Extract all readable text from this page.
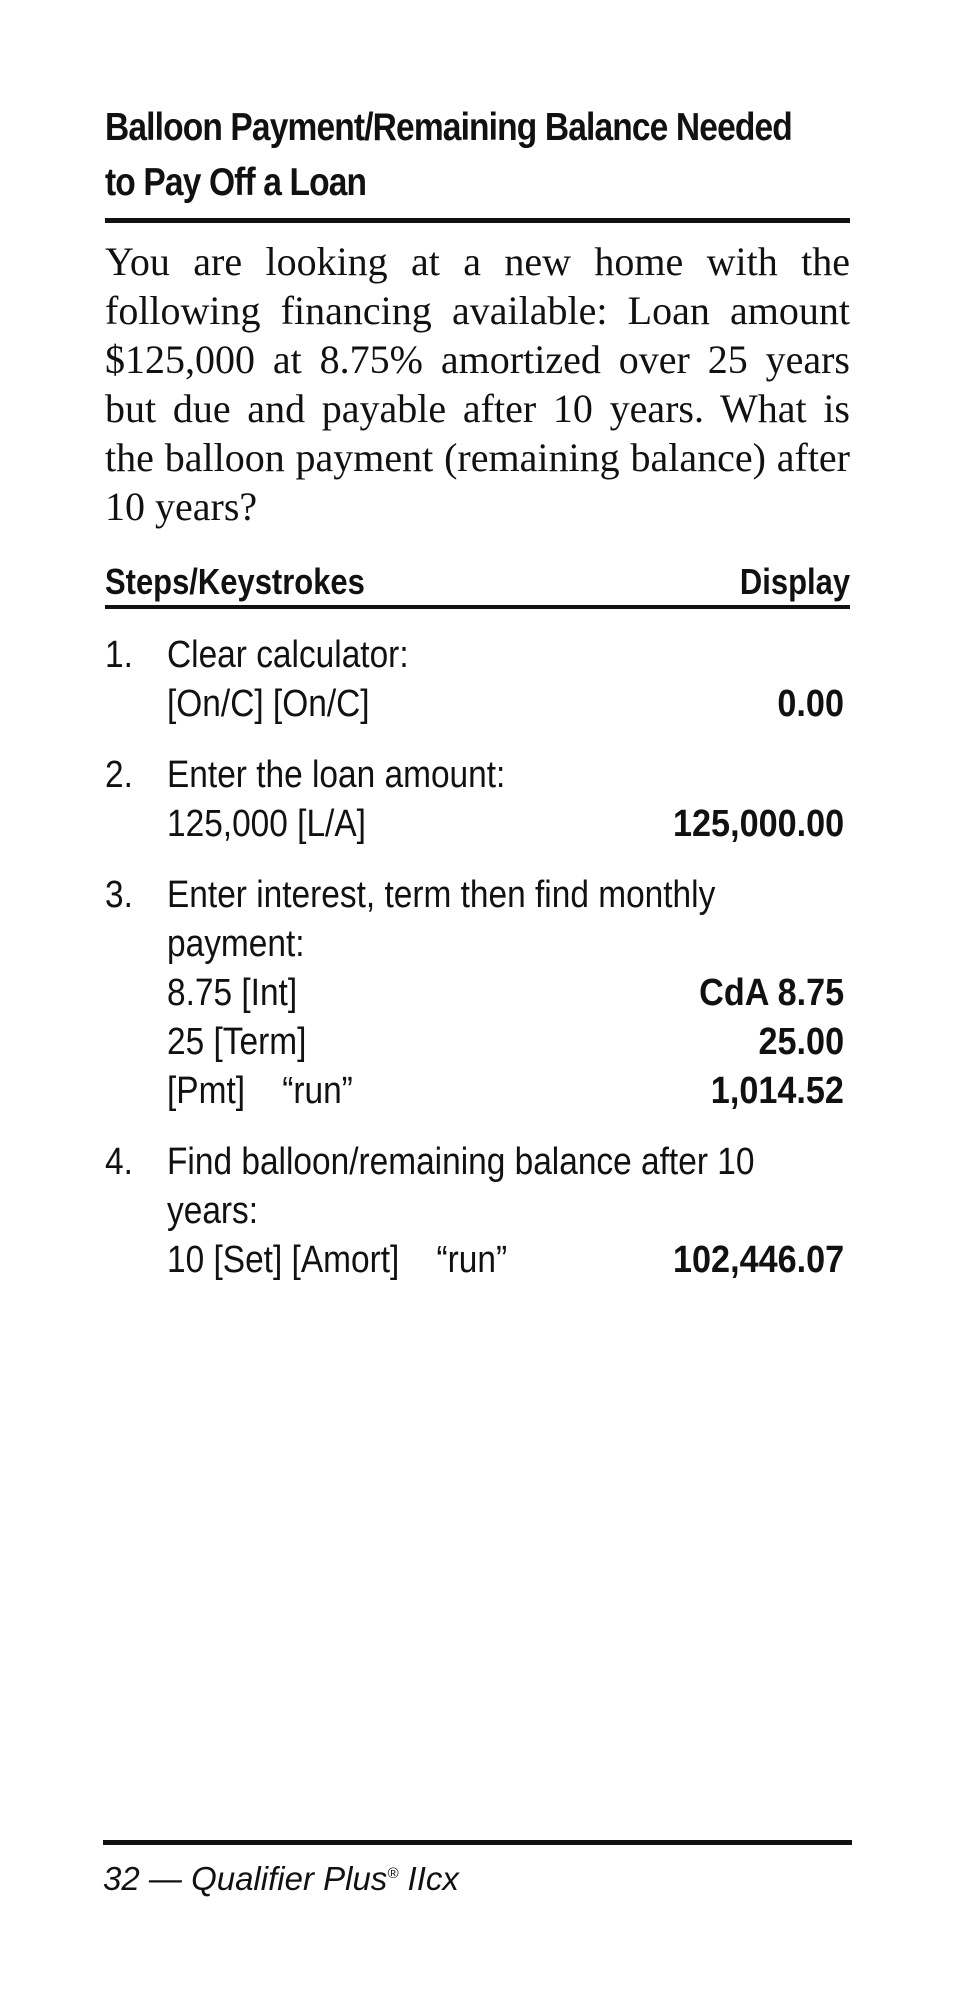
Balloon Payment/Remaining Balance Needed
to Pay Off a Loan
You are looking at a new home with the following financing available: Loan amount $125,000 at 8.75% amortized over 25 years but due and payable after 10 years. What is the balloon payment (remaining balance) after 10 years?
Steps/Keystrokes	Display
1. Clear calculator:
[On/C] [On/C]	0.00
2. Enter the loan amount:
125,000 [L/A]	125,000.00
3. Enter interest, term then find monthly payment:
8.75 [Int]	CdA 8.75
25 [Term]	25.00
[Pmt]    “run”	1,014.52
4. Find balloon/remaining balance after 10 years:
10 [Set] [Amort]    “run”	102,446.07
32 — Qualifier Plus® IIcx
